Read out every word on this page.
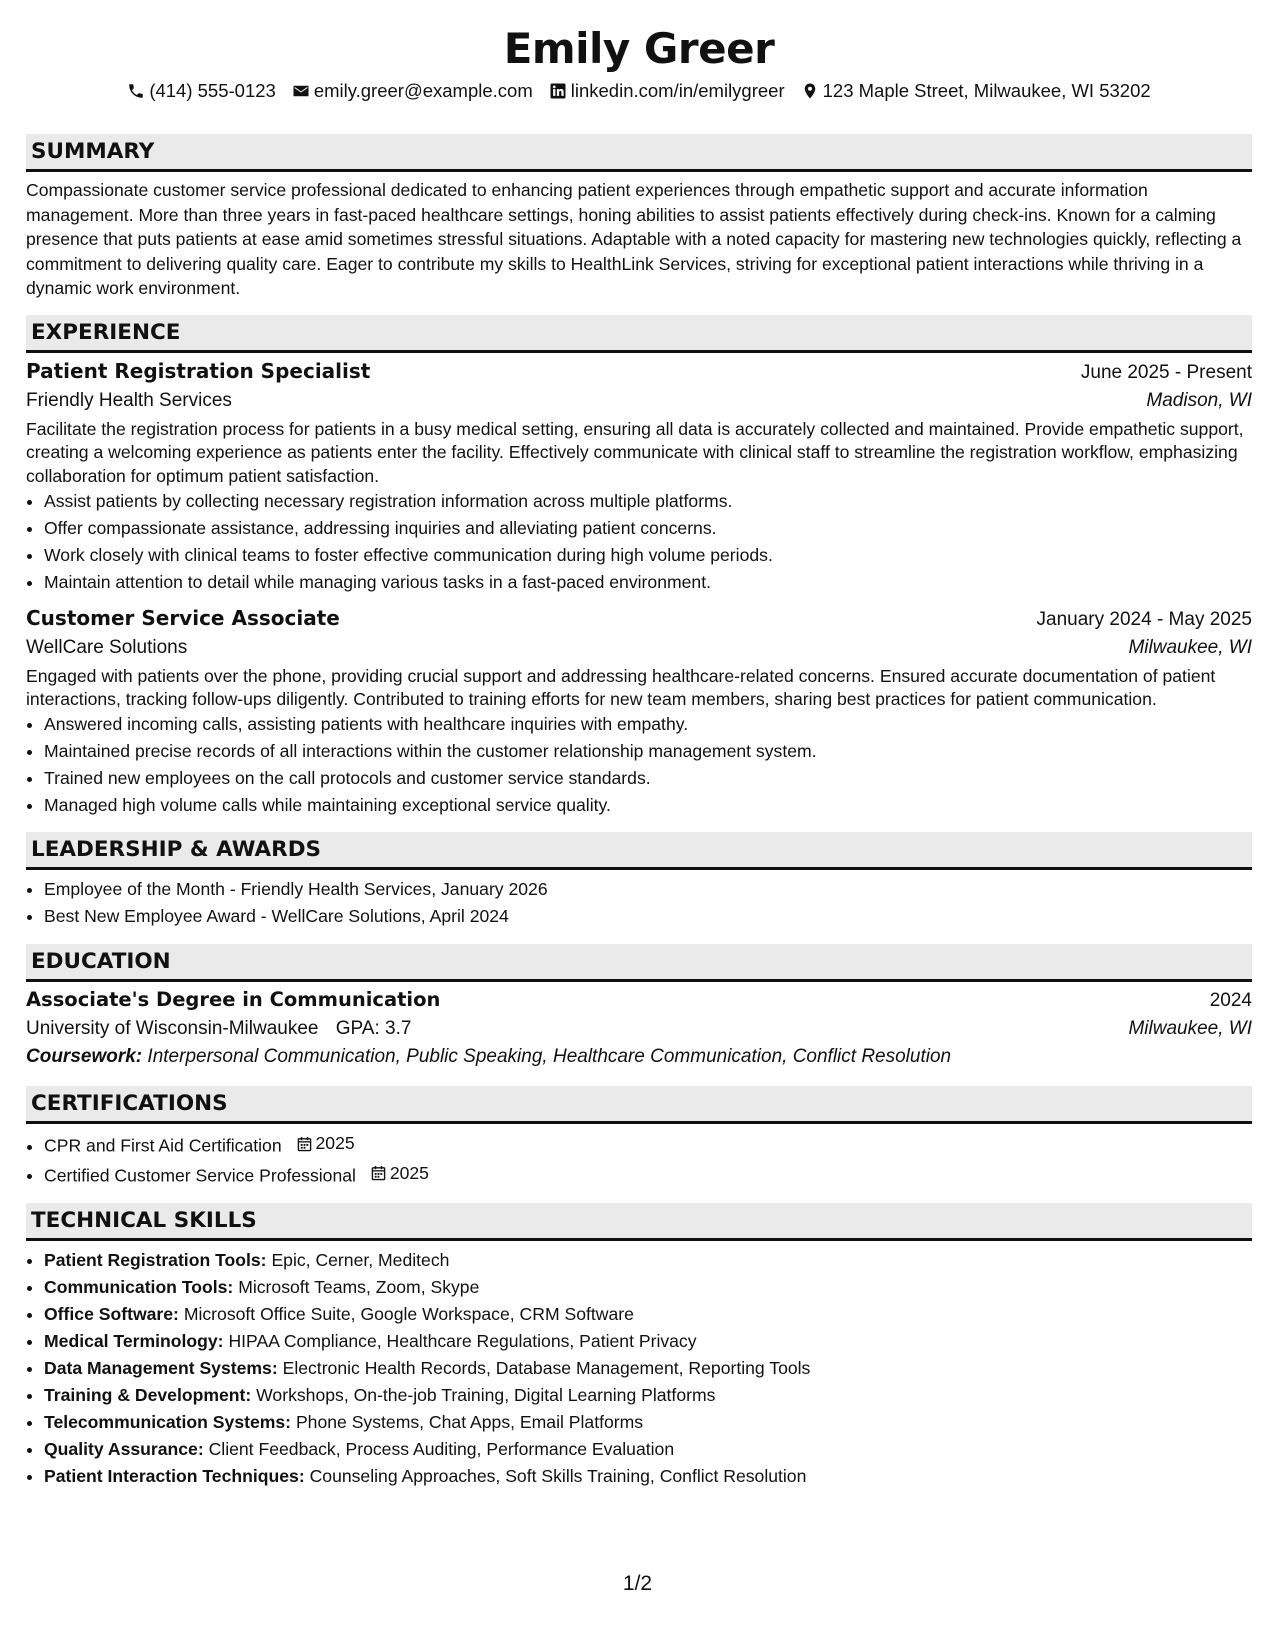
Emily Greer
(414) 555-0123 emily.greer@example.com linkedin.com/in/emilygreer 123 Maple Street, Milwaukee, WI 53202
SUMMARY
Compassionate customer service professional dedicated to enhancing patient experiences through empathetic support and accurate information management. More than three years in fast-paced healthcare settings, honing abilities to assist patients effectively during check-ins. Known for a calming presence that puts patients at ease amid sometimes stressful situations. Adaptable with a noted capacity for mastering new technologies quickly, reflecting a commitment to delivering quality care. Eager to contribute my skills to HealthLink Services, striving for exceptional patient interactions while thriving in a dynamic work environment.
EXPERIENCE
Patient Registration Specialist	June 2025 - Present
Friendly Health Services	Madison, WI
Facilitate the registration process for patients in a busy medical setting, ensuring all data is accurately collected and maintained. Provide empathetic support, creating a welcoming experience as patients enter the facility. Effectively communicate with clinical staff to streamline the registration workflow, emphasizing collaboration for optimum patient satisfaction.
• Assist patients by collecting necessary registration information across multiple platforms.
• Offer compassionate assistance, addressing inquiries and alleviating patient concerns.
• Work closely with clinical teams to foster effective communication during high volume periods.
• Maintain attention to detail while managing various tasks in a fast-paced environment.
Customer Service Associate	January 2024 - May 2025
WellCare Solutions	Milwaukee, WI
Engaged with patients over the phone, providing crucial support and addressing healthcare-related concerns. Ensured accurate documentation of patient interactions, tracking follow-ups diligently. Contributed to training efforts for new team members, sharing best practices for patient communication.
• Answered incoming calls, assisting patients with healthcare inquiries with empathy.
• Maintained precise records of all interactions within the customer relationship management system.
• Trained new employees on the call protocols and customer service standards.
• Managed high volume calls while maintaining exceptional service quality.
LEADERSHIP & AWARDS
• Employee of the Month - Friendly Health Services, January 2026
• Best New Employee Award - WellCare Solutions, April 2024
EDUCATION
Associate's Degree in Communication	2024
University of Wisconsin-Milwaukee GPA: 3.7	Milwaukee, WI
Coursework: Interpersonal Communication, Public Speaking, Healthcare Communication, Conflict Resolution
CERTIFICATIONS
• CPR and First Aid Certification 2025
• Certified Customer Service Professional 2025
TECHNICAL SKILLS
• Patient Registration Tools: Epic, Cerner, Meditech
• Communication Tools: Microsoft Teams, Zoom, Skype
• Office Software: Microsoft Office Suite, Google Workspace, CRM Software
• Medical Terminology: HIPAA Compliance, Healthcare Regulations, Patient Privacy
• Data Management Systems: Electronic Health Records, Database Management, Reporting Tools
• Training & Development: Workshops, On-the-job Training, Digital Learning Platforms
• Telecommunication Systems: Phone Systems, Chat Apps, Email Platforms
• Quality Assurance: Client Feedback, Process Auditing, Performance Evaluation
• Patient Interaction Techniques: Counseling Approaches, Soft Skills Training, Conflict Resolution
1/2
